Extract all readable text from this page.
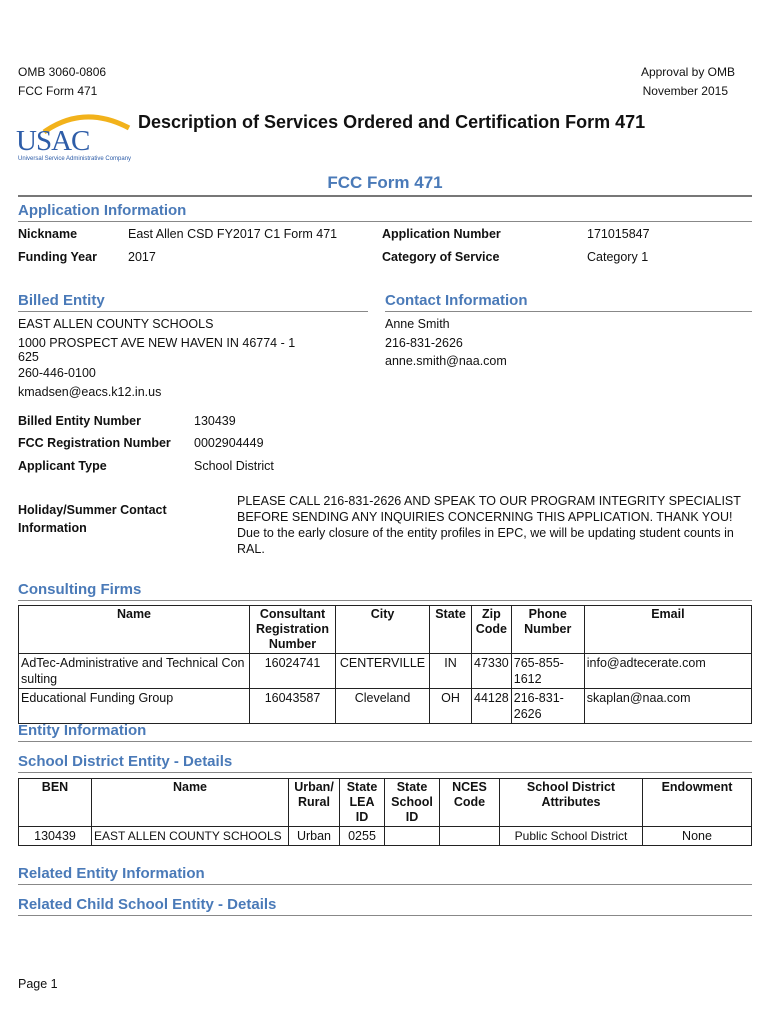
OMB 3060-0806
FCC Form 471
Approval by OMB
November 2015
USAC
Universal Service Administrative Company
Description of Services Ordered and Certification Form 471
FCC Form 471
Application Information
Nickname	East Allen CSD FY2017 C1 Form 471	Application Number	171015847
Funding Year 2017	Category of Service	Category 1
Billed Entity	Contact Information
EAST ALLEN COUNTY SCHOOLS
1000 PROSPECT AVE NEW HAVEN IN 46774 - 1
625
260-446-0100
kmadsen@eacs.k12.in.us
Anne Smith
216-831-2626
anne.smith@naa.com
Billed Entity Number	130439
FCC Registration Number 0002904449
Applicant Type	School District
Holiday/Summer Contact
Information
PLEASE CALL 216-831-2626 AND SPEAK TO OUR PROGRAM INTEGRITY SPECIALIST
BEFORE SENDING ANY INQUIRIES CONCERNING THIS APPLICATION. THANK YOU!
Due to the early closure of the entity profiles in EPC, we will be updating student counts in
RAL.
Consulting Firms
Name	Consultant
Registration
Number	City	State	Zip
Code	Phone
Number	Email
AdTec-Administrative and Technical Con
sulting	16024741	CENTERVILLE	IN	47330	765-855-1612	info@adtecerate.com
Educational Funding Group	16043587	Cleveland	OH	44128	216-831-2626	skaplan@naa.com
Entity Information
School District Entity - Details
BEN	Name	Urban/
Rural	State
LEA ID	State
School
ID	NCES
Code	School District
Attributes	Endowment
130439	EAST ALLEN COUNTY SCHOOLS	Urban	0255			Public School District	None
Related Entity Information
Related Child School Entity - Details
Page 1
